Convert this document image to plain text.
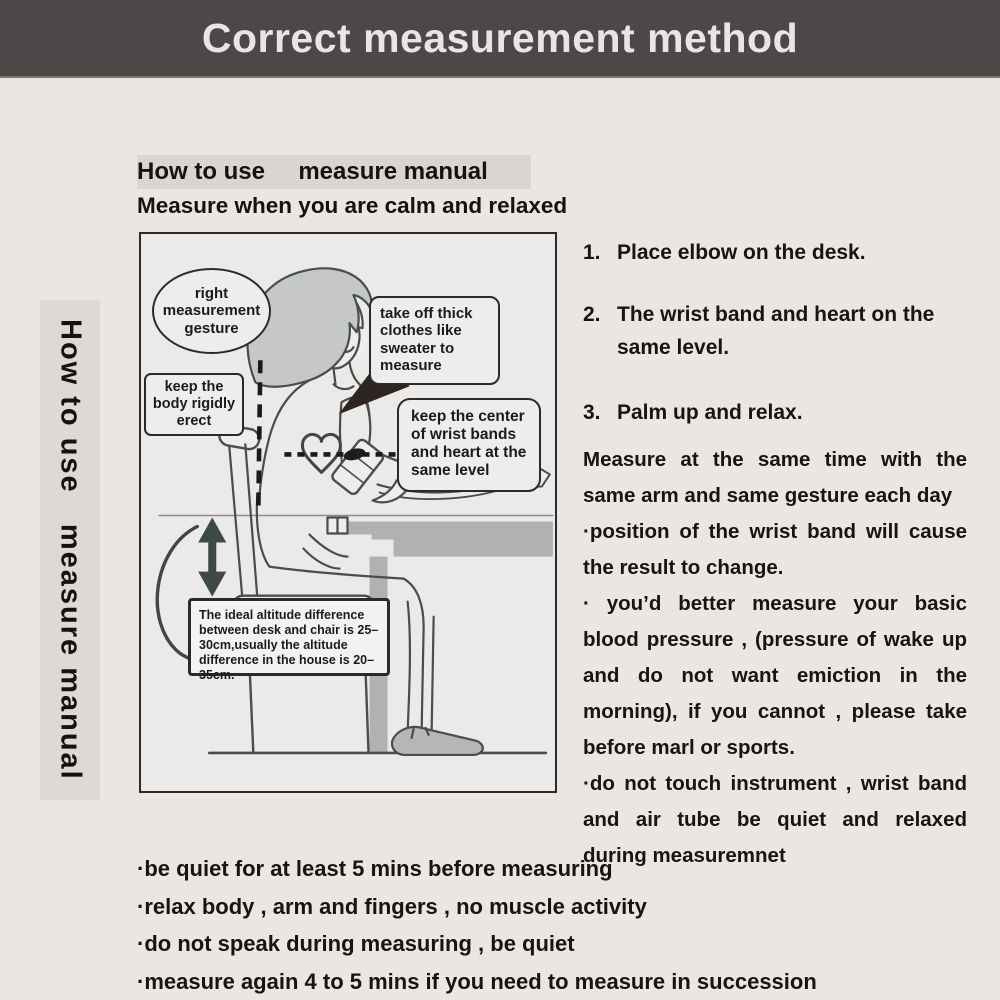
Correct measurement method
How to use   measure manual
How to use     measure manual
Measure when you are calm and relaxed
right measurement gesture
take off thick clothes like sweater to measure
keep the body rigidly erect	keep the center of wrist bands and heart at the same level
The ideal altitude difference between desk and chair is 25–30cm,usually the altitude difference in the house is 20–35cm.
1. Place elbow on the desk.
2. The wrist band and heart on the same level.
3. Palm up and relax.

Measure at the same time with the same arm and same gesture each day

·position of the wrist band will cause the result to change.

· you’d better measure your basic blood pressure , (pressure of wake up and do not want emiction in the morning), if you cannot , please take before marl or sports.

·do not touch instrument , wrist band and air tube be quiet and relaxed during measuremnet

·be quiet for at least 5 mins before measuring
·relax body , arm and fingers , no muscle activity
·do not speak during measuring , be quiet
·measure again 4 to 5 mins if you need to measure in succession
